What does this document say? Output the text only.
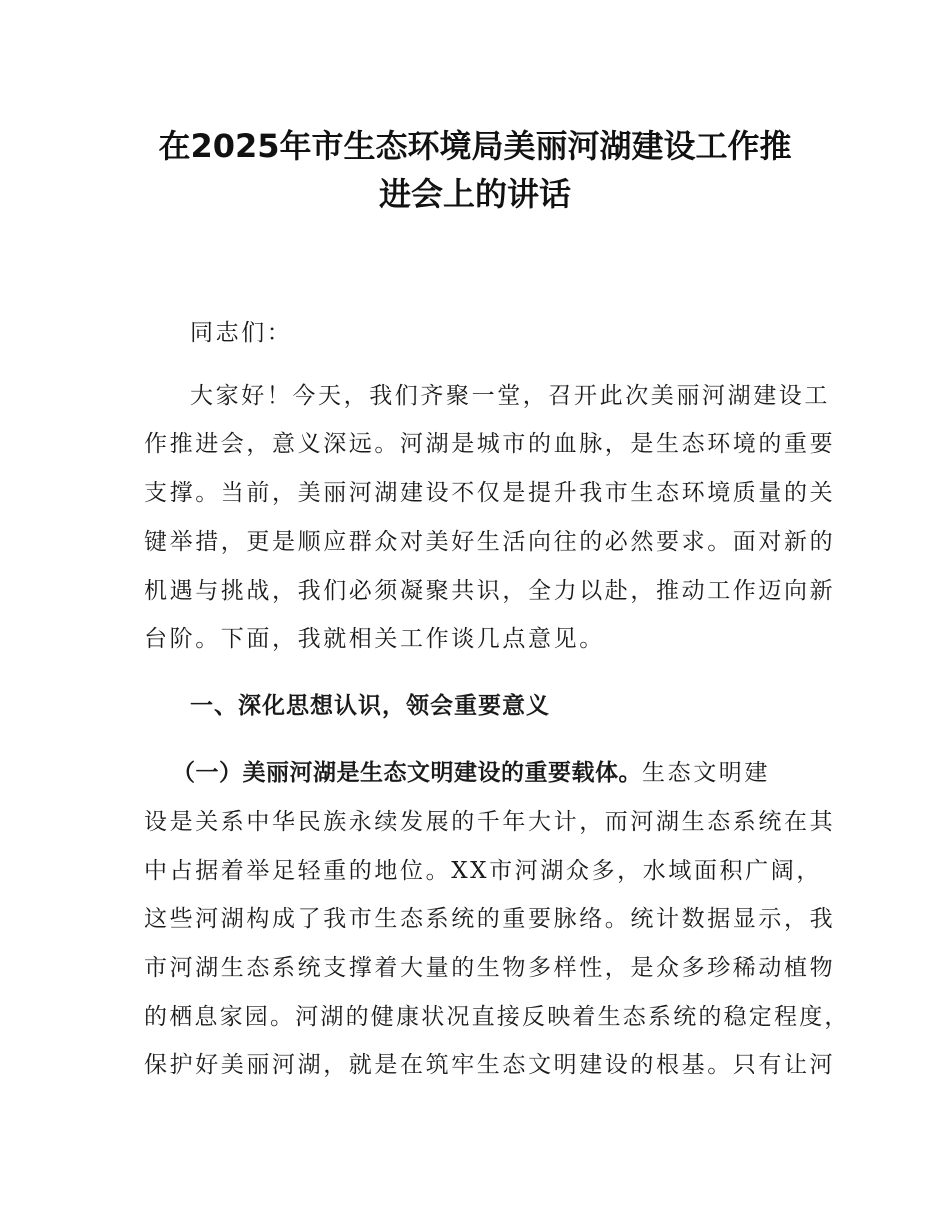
在2025年市生态环境局美丽河湖建设工作推
进会上的讲话
同志们：
大家好！今天，我们齐聚一堂，召开此次美丽河湖建设工
作推进会，意义深远。河湖是城市的血脉，是生态环境的重要
支撑。当前，美丽河湖建设不仅是提升我市生态环境质量的关
键举措，更是顺应群众对美好生活向往的必然要求。面对新的
机遇与挑战，我们必须凝聚共识，全力以赴，推动工作迈向新
台阶。下面，我就相关工作谈几点意见。
一、深化思想认识，领会重要意义
（一）美丽河湖是生态文明建设的重要载体。生态文明建
设是关系中华民族永续发展的千年大计，而河湖生态系统在其
中占据着举足轻重的地位。XX市河湖众多，水域面积广阔，
这些河湖构成了我市生态系统的重要脉络。统计数据显示，我
市河湖生态系统支撑着大量的生物多样性，是众多珍稀动植物
的栖息家园。河湖的健康状况直接反映着生态系统的稳定程度，
保护好美丽河湖，就是在筑牢生态文明建设的根基。只有让河
